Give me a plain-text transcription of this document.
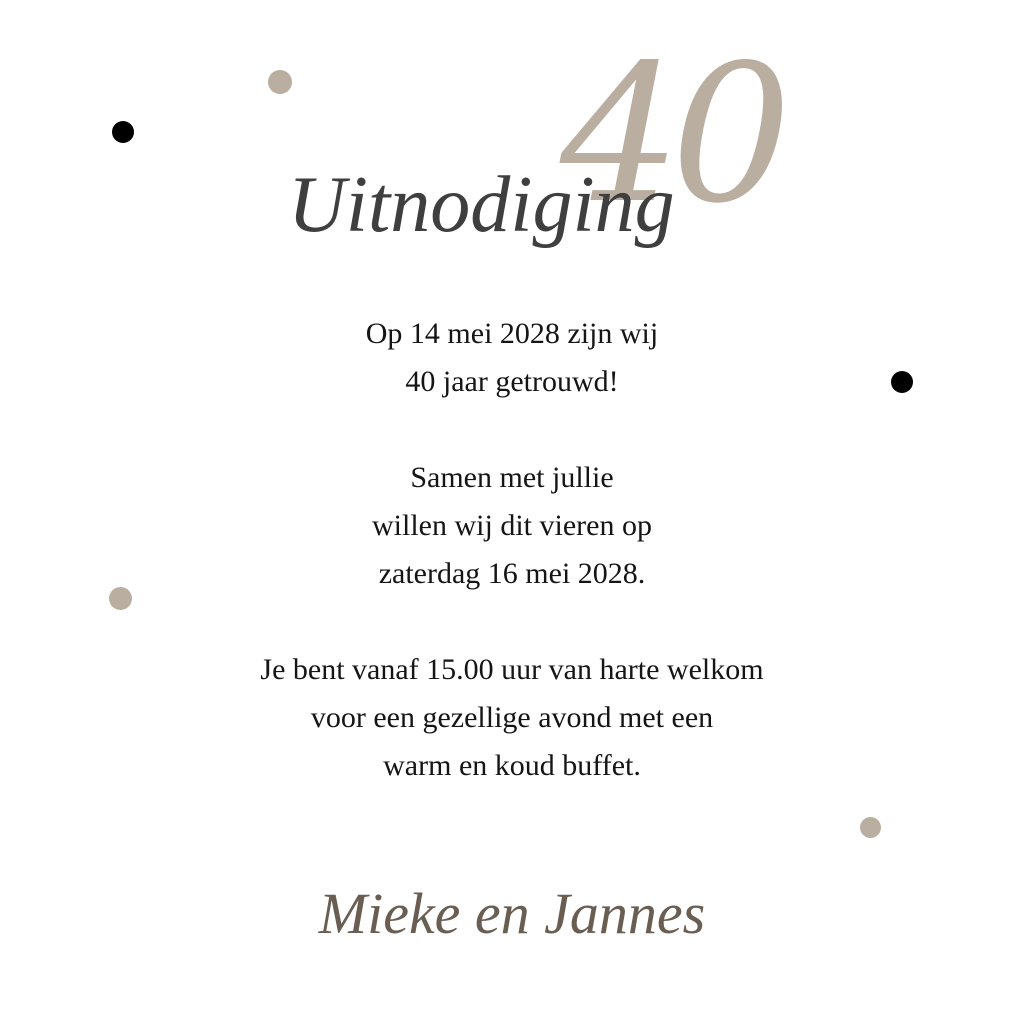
40
Uitnodiging

Op 14 mei 2028 zijn wij
40 jaar getrouwd!

Samen met jullie
willen wij dit vieren op
zaterdag 16 mei 2028.

Je bent vanaf 15.00 uur van harte welkom
voor een gezellige avond met een
warm en koud buffet.

Mieke en Jannes
